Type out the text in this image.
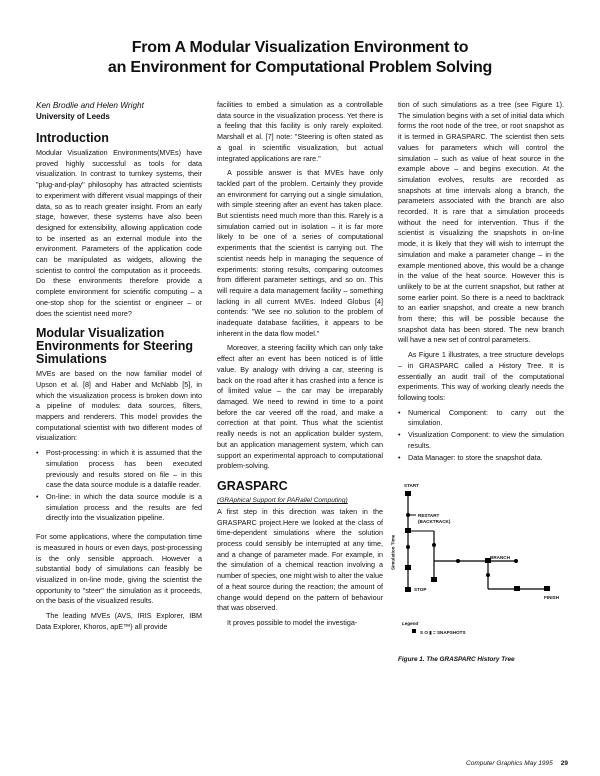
From A Modular Visualization Environment to
an Environment for Computational Problem Solving
Ken Brodlie and Helen Wright
University of Leeds
Introduction

Modular Visualization Environments(MVEs) have proved highly successful as tools for data visualization. In contrast to turnkey systems, their "plug-and-play" philosophy has attracted scientists to experiment with different visual mappings of their data, so as to reach greater insight. From an early stage, however, these systems have also been designed for extensibility, allowing application code to be inserted as an external module into the environment. Parameters of the application code can be manipulated as widgets, allowing the scientist to control the computation as it proceeds. Do these environments therefore provide a complete environment for scientific computing – a one-stop shop for the scientist or engineer – or does the scientist need more?

Modular Visualization Environments for Steering Simulations

MVEs are based on the now familiar model of Upson et al. [8] and Haber and McNabb [5], in which the visualization process is broken down into a pipeline of modules: data sources, filters, mappers and renderers. This model provides the computational scientist with two different modes of visualization:

• Post-processing: in which it is assumed that the simulation process has been executed previously and results stored on file – in this case the data source module is a datafile reader.
• On-line: in which the data source module is a simulation process and the results are fed directly into the visualization pipeline.

For some applications, where the computation time is measured in hours or even days, post-processing is the only sensible approach. However a substantial body of simulations can feasibly be visualized in on-line mode, giving the scientist the opportunity to "steer" the simulation as it proceeds, on the basis of the visualized results.

The leading MVEs (AVS, IRIS Explorer, IBM Data Explorer, Khoros, apE™) all provide

facilities to embed a simulation as a controllable data source in the visualization process. Yet there is a feeling that this facility is only rarely exploited. Marshall et al. [7] note: "Steering is often stated as a goal in scientific visualization, but actual integrated applications are rare."

A possible answer is that MVEs have only tackled part of the problem. Certainly they provide an environment for carrying out a single simulation, with simple steering after an event has taken place. But scientists need much more than this. Rarely is a simulation carried out in isolation – it is far more likely to be one of a series of computational experiments that the scientist is carrying out. The scientist needs help in managing the sequence of experiments: storing results, comparing outcomes from different parameter settings, and so on. This will require a data management facility – something lacking in all current MVEs. Indeed Globus [4] contends: "We see no solution to the problem of inadequate database facilities, it appears to be inherent in the data flow model."

Moreover, a steering facility which can only take effect after an event has been noticed is of little value. By analogy with driving a car, steering is back on the road after it has crashed into a fence is of limited value – the car may be irreparably damaged. We need to rewind in time to a point before the car veered off the road, and make a correction at that point. Thus what the scientist really needs is not an application builder system, but an application management system, which can support an experimental approach to computational problem-solving.

GRASPARC
(GRAphical Support for PARallel Computing)

A first step in this direction was taken in the GRASPARC project.Here we looked at the class of time-dependent simulations where the solution process could sensibly be interrupted at any time, and a change of parameter made. For example, in the simulation of a chemical reaction involving a number of species, one might wish to alter the value of a heat source during the reaction; the amount of change would depend on the pattern of behaviour that was observed.

It proves possible to model the investiga-

tion of such simulations as a tree (see Figure 1). The simulation begins with a set of initial data which forms the root node of the tree, or root snapshot as it is termed in GRASPARC. The scientist then sets values for parameters which will control the simulation – such as value of heat source in the example above – and begins execution. At the simulation evolves, results are recorded as snapshots at time intervals along a branch, the parameters associated with the branch are also recorded. It is rare that a simulation proceeds without the need for intervention. Thus if the scientist is visualizing the snapshots in on-line mode, it is likely that they will wish to interrupt the simulation and make a parameter change – in the example mentioned above, this would be a change in the value of the heat source. However this is unlikely to be at the current snapshot, but rather at some earlier point. So there is a need to backtrack to an earlier snapshot, and create a new branch from there; this will be possible because the snapshot data has been stored. The new branch will have a new set of control parameters.

As Figure 1 illustrates, a tree structure develops – in GRASPARC called a History Tree. It is essentially an audit trail of the computational experiments. This way of working clearly needs the following tools:

• Numerical Component: to carry out the simulation.
• Visualization Component: to view the simulation results.
• Data Manager: to store the snapshot data.
START
RESTART
(BACKTRACK)
BRANCH
STOP
FINISH
Simulation Time
Legend
S O ▮ = SNAPSHOTS
Figure 1. The GRASPARC History Tree
Computer Graphics May 1995 29
